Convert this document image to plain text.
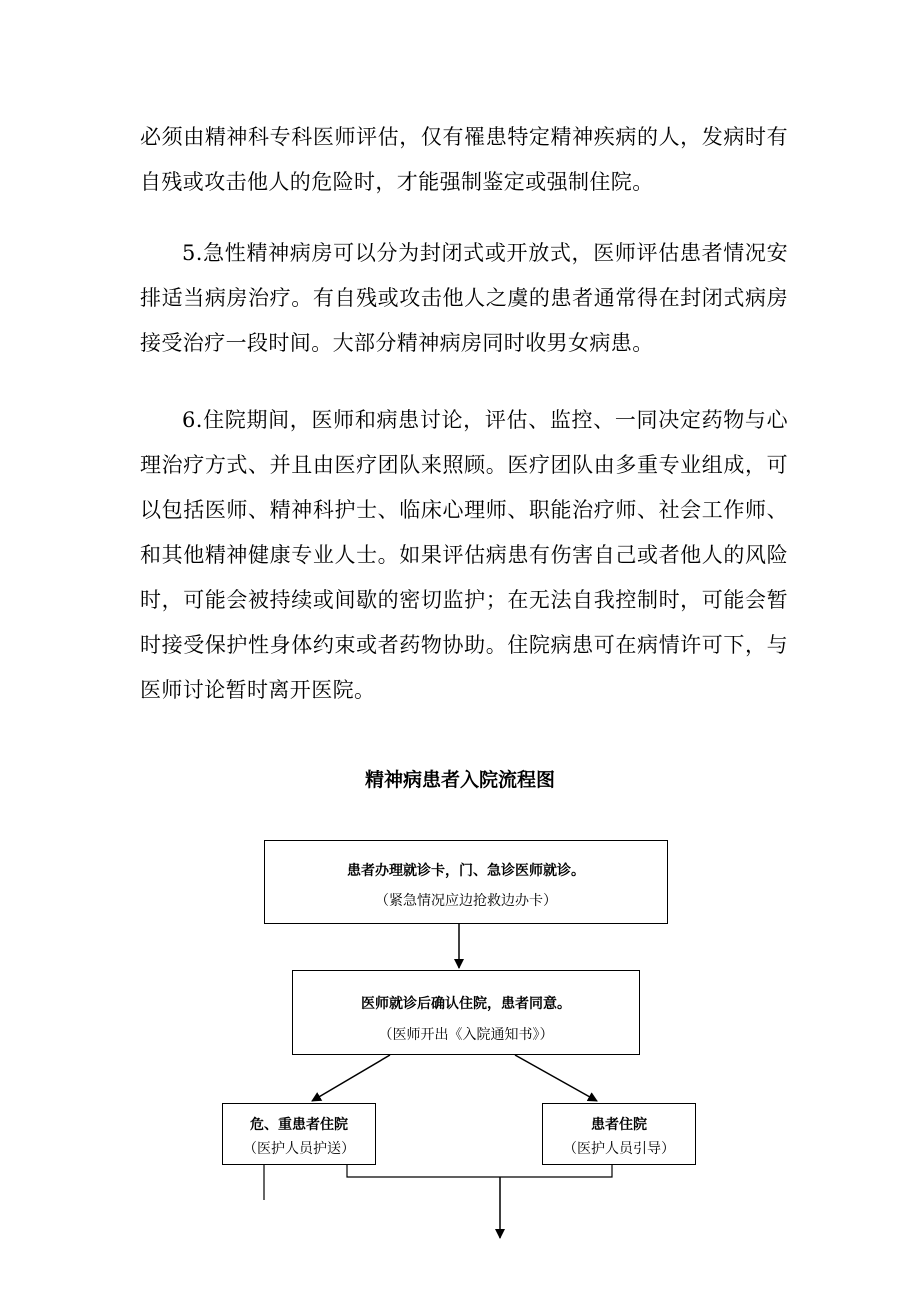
必须由精神科专科医师评估，仅有罹患特定精神疾病的人，发病时有自残或攻击他人的危险时，才能强制鉴定或强制住院。

5.急性精神病房可以分为封闭式或开放式，医师评估患者情况安排适当病房治疗。有自残或攻击他人之虞的患者通常得在封闭式病房接受治疗一段时间。大部分精神病房同时收男女病患。

6.住院期间，医师和病患讨论，评估、监控、一同决定药物与心理治疗方式、并且由医疗团队来照顾。医疗团队由多重专业组成，可以包括医师、精神科护士、临床心理师、职能治疗师、社会工作师、和其他精神健康专业人士。如果评估病患有伤害自己或者他人的风险时，可能会被持续或间歇的密切监护；在无法自我控制时，可能会暂时接受保护性身体约束或者药物协助。住院病患可在病情许可下，与医师讨论暂时离开医院。

精神病患者入院流程图

患者办理就诊卡，门、急诊医师就诊。
（紧急情况应边抢救边办卡）
医师就诊后确认住院，患者同意。
（医师开出《入院通知书》）
危、重患者住院
（医护人员护送）
患者住院
（医护人员引导）
